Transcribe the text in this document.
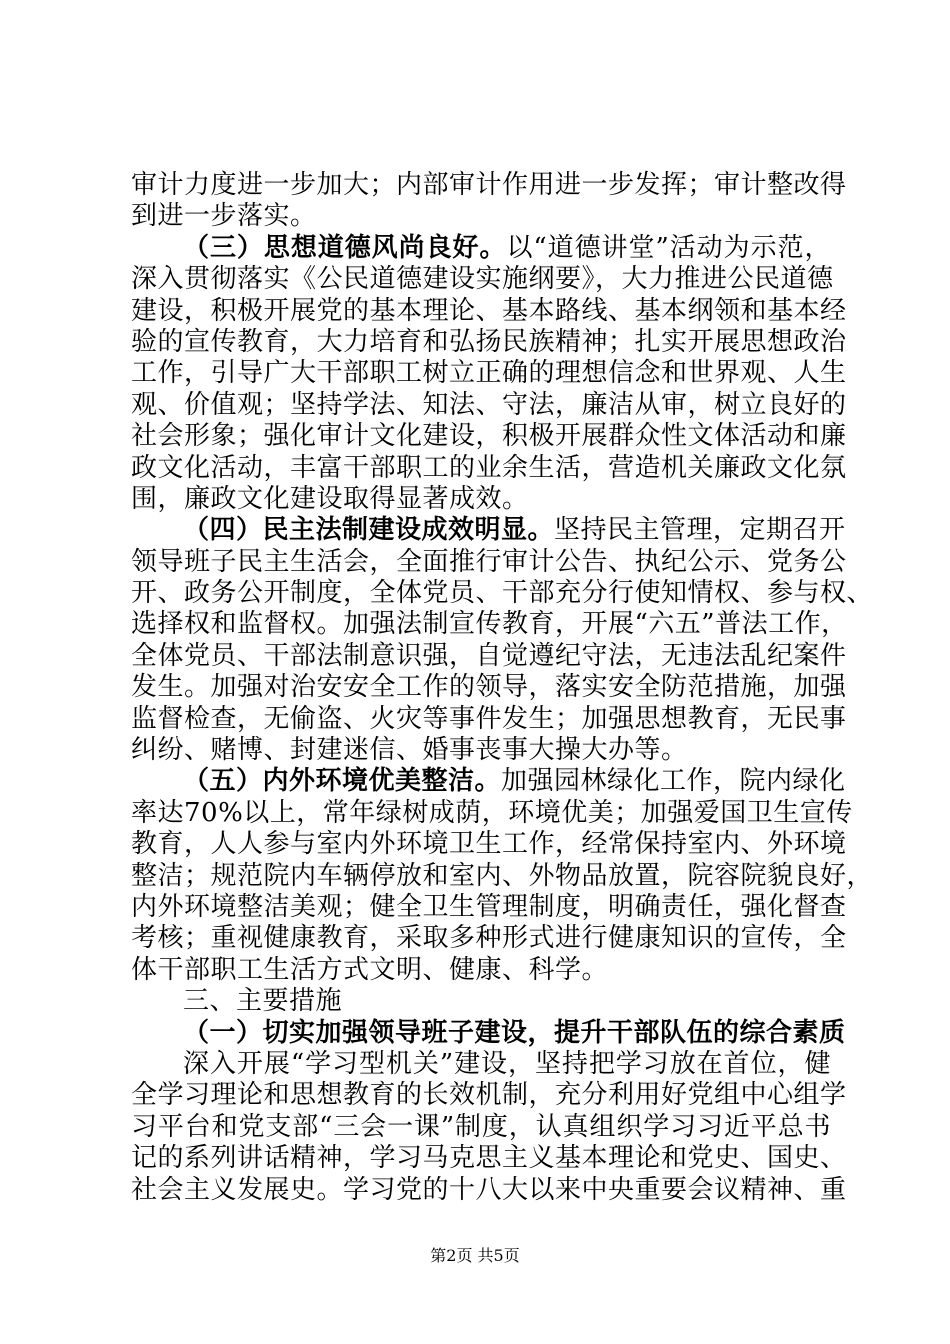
审计力度进一步加大；内部审计作用进一步发挥；审计整改得
到进一步落实。
（三）思想道德风尚良好。以“道德讲堂”活动为示范，
深入贯彻落实《公民道德建设实施纲要》，大力推进公民道德
建设，积极开展党的基本理论、基本路线、基本纲领和基本经
验的宣传教育，大力培育和弘扬民族精神；扎实开展思想政治
工作，引导广大干部职工树立正确的理想信念和世界观、人生
观、价值观；坚持学法、知法、守法，廉洁从审，树立良好的
社会形象；强化审计文化建设，积极开展群众性文体活动和廉
政文化活动，丰富干部职工的业余生活，营造机关廉政文化氛
围，廉政文化建设取得显著成效。
（四）民主法制建设成效明显。坚持民主管理，定期召开
领导班子民主生活会，全面推行审计公告、执纪公示、党务公
开、政务公开制度，全体党员、干部充分行使知情权、参与权、
选择权和监督权。加强法制宣传教育，开展“六五”普法工作，
全体党员、干部法制意识强，自觉遵纪守法，无违法乱纪案件
发生。加强对治安安全工作的领导，落实安全防范措施，加强
监督检查，无偷盗、火灾等事件发生；加强思想教育，无民事
纠纷、赌博、封建迷信、婚事丧事大操大办等。
（五）内外环境优美整洁。加强园林绿化工作，院内绿化
率达70%以上，常年绿树成荫，环境优美；加强爱国卫生宣传
教育，人人参与室内外环境卫生工作，经常保持室内、外环境
整洁；规范院内车辆停放和室内、外物品放置，院容院貌良好，
内外环境整洁美观；健全卫生管理制度，明确责任，强化督查
考核；重视健康教育，采取多种形式进行健康知识的宣传，全
体干部职工生活方式文明、健康、科学。
三、主要措施
（一）切实加强领导班子建设，提升干部队伍的综合素质
深入开展“学习型机关”建设，坚持把学习放在首位，健
全学习理论和思想教育的长效机制，充分利用好党组中心组学
习平台和党支部“三会一课”制度，认真组织学习习近平总书
记的系列讲话精神，学习马克思主义基本理论和党史、国史、
社会主义发展史。学习党的十八大以来中央重要会议精神、重
第2页 共5页
